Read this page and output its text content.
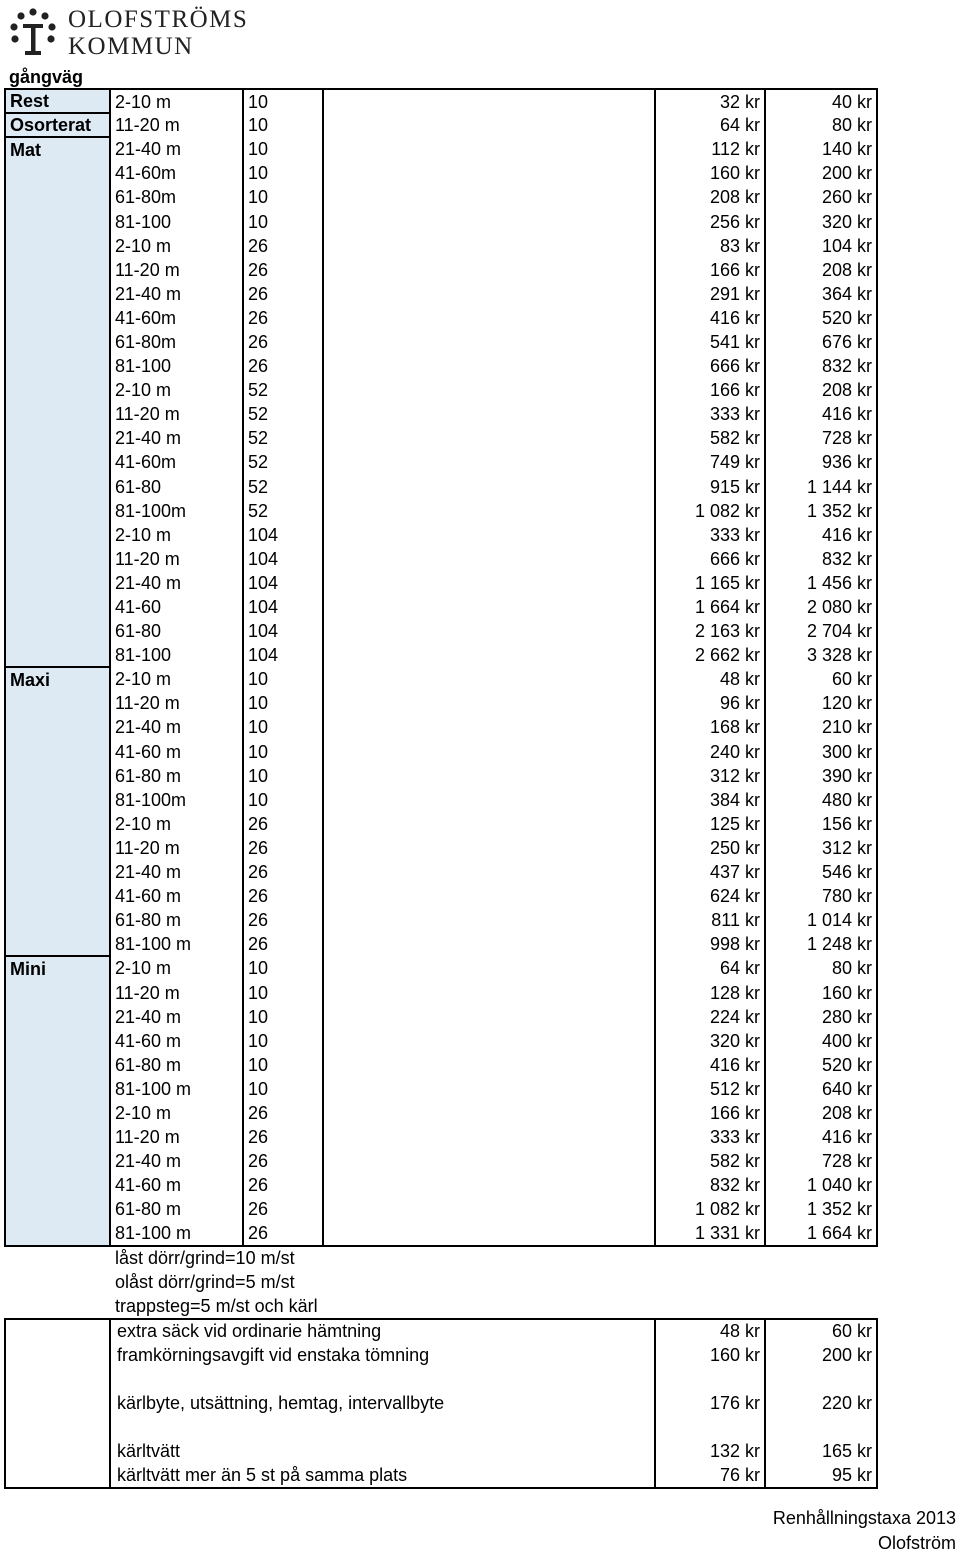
OLOFSTRÖMS
KOMMUN
gångväg
Rest	2-10 m	10		32 kr	40 kr
Osorterat	11-20 m	10		64 kr	80 kr
Mat	21-40 m	10		112 kr	140 kr
	41-60m	10		160 kr	200 kr
	61-80m	10		208 kr	260 kr
	81-100	10		256 kr	320 kr
	2-10 m	26		83 kr	104 kr
	11-20 m	26		166 kr	208 kr
	21-40 m	26		291 kr	364 kr
	41-60m	26		416 kr	520 kr
	61-80m	26		541 kr	676 kr
	81-100	26		666 kr	832 kr
	2-10 m	52		166 kr	208 kr
	11-20 m	52		333 kr	416 kr
	21-40 m	52		582 kr	728 kr
	41-60m	52		749 kr	936 kr
	61-80	52		915 kr	1 144 kr
	81-100m	52		1 082 kr	1 352 kr
	2-10 m	104		333 kr	416 kr
	11-20 m	104		666 kr	832 kr
	21-40 m	104		1 165 kr	1 456 kr
	41-60	104		1 664 kr	2 080 kr
	61-80	104		2 163 kr	2 704 kr
	81-100	104		2 662 kr	3 328 kr
Maxi	2-10 m	10		48 kr	60 kr
	11-20 m	10		96 kr	120 kr
	21-40 m	10		168 kr	210 kr
	41-60 m	10		240 kr	300 kr
	61-80 m	10		312 kr	390 kr
	81-100m	10		384 kr	480 kr
	2-10 m	26		125 kr	156 kr
	11-20 m	26		250 kr	312 kr
	21-40 m	26		437 kr	546 kr
	41-60 m	26		624 kr	780 kr
	61-80 m	26		811 kr	1 014 kr
	81-100 m	26		998 kr	1 248 kr
Mini	2-10 m	10		64 kr	80 kr
	11-20 m	10		128 kr	160 kr
	21-40 m	10		224 kr	280 kr
	41-60 m	10		320 kr	400 kr
	61-80 m	10		416 kr	520 kr
	81-100 m	10		512 kr	640 kr
	2-10 m	26		166 kr	208 kr
	11-20 m	26		333 kr	416 kr
	21-40 m	26		582 kr	728 kr
	41-60 m	26		832 kr	1 040 kr
	61-80 m	26		1 082 kr	1 352 kr
	81-100 m	26		1 331 kr	1 664 kr
	låst dörr/grind=10 m/st
	olåst dörr/grind=5 m/st
	trappsteg=5 m/st och kärl
	extra säck vid ordinarie hämtning	48 kr	60 kr
	framkörningsavgift vid enstaka tömning	160 kr	200 kr

	kärlbyte, utsättning, hemtag, intervallbyte	176 kr	220 kr

	kärltvätt	132 kr	165 kr
	kärltvätt mer än 5 st på samma plats	76 kr	95 kr
Renhållningstaxa 2013
Olofström
